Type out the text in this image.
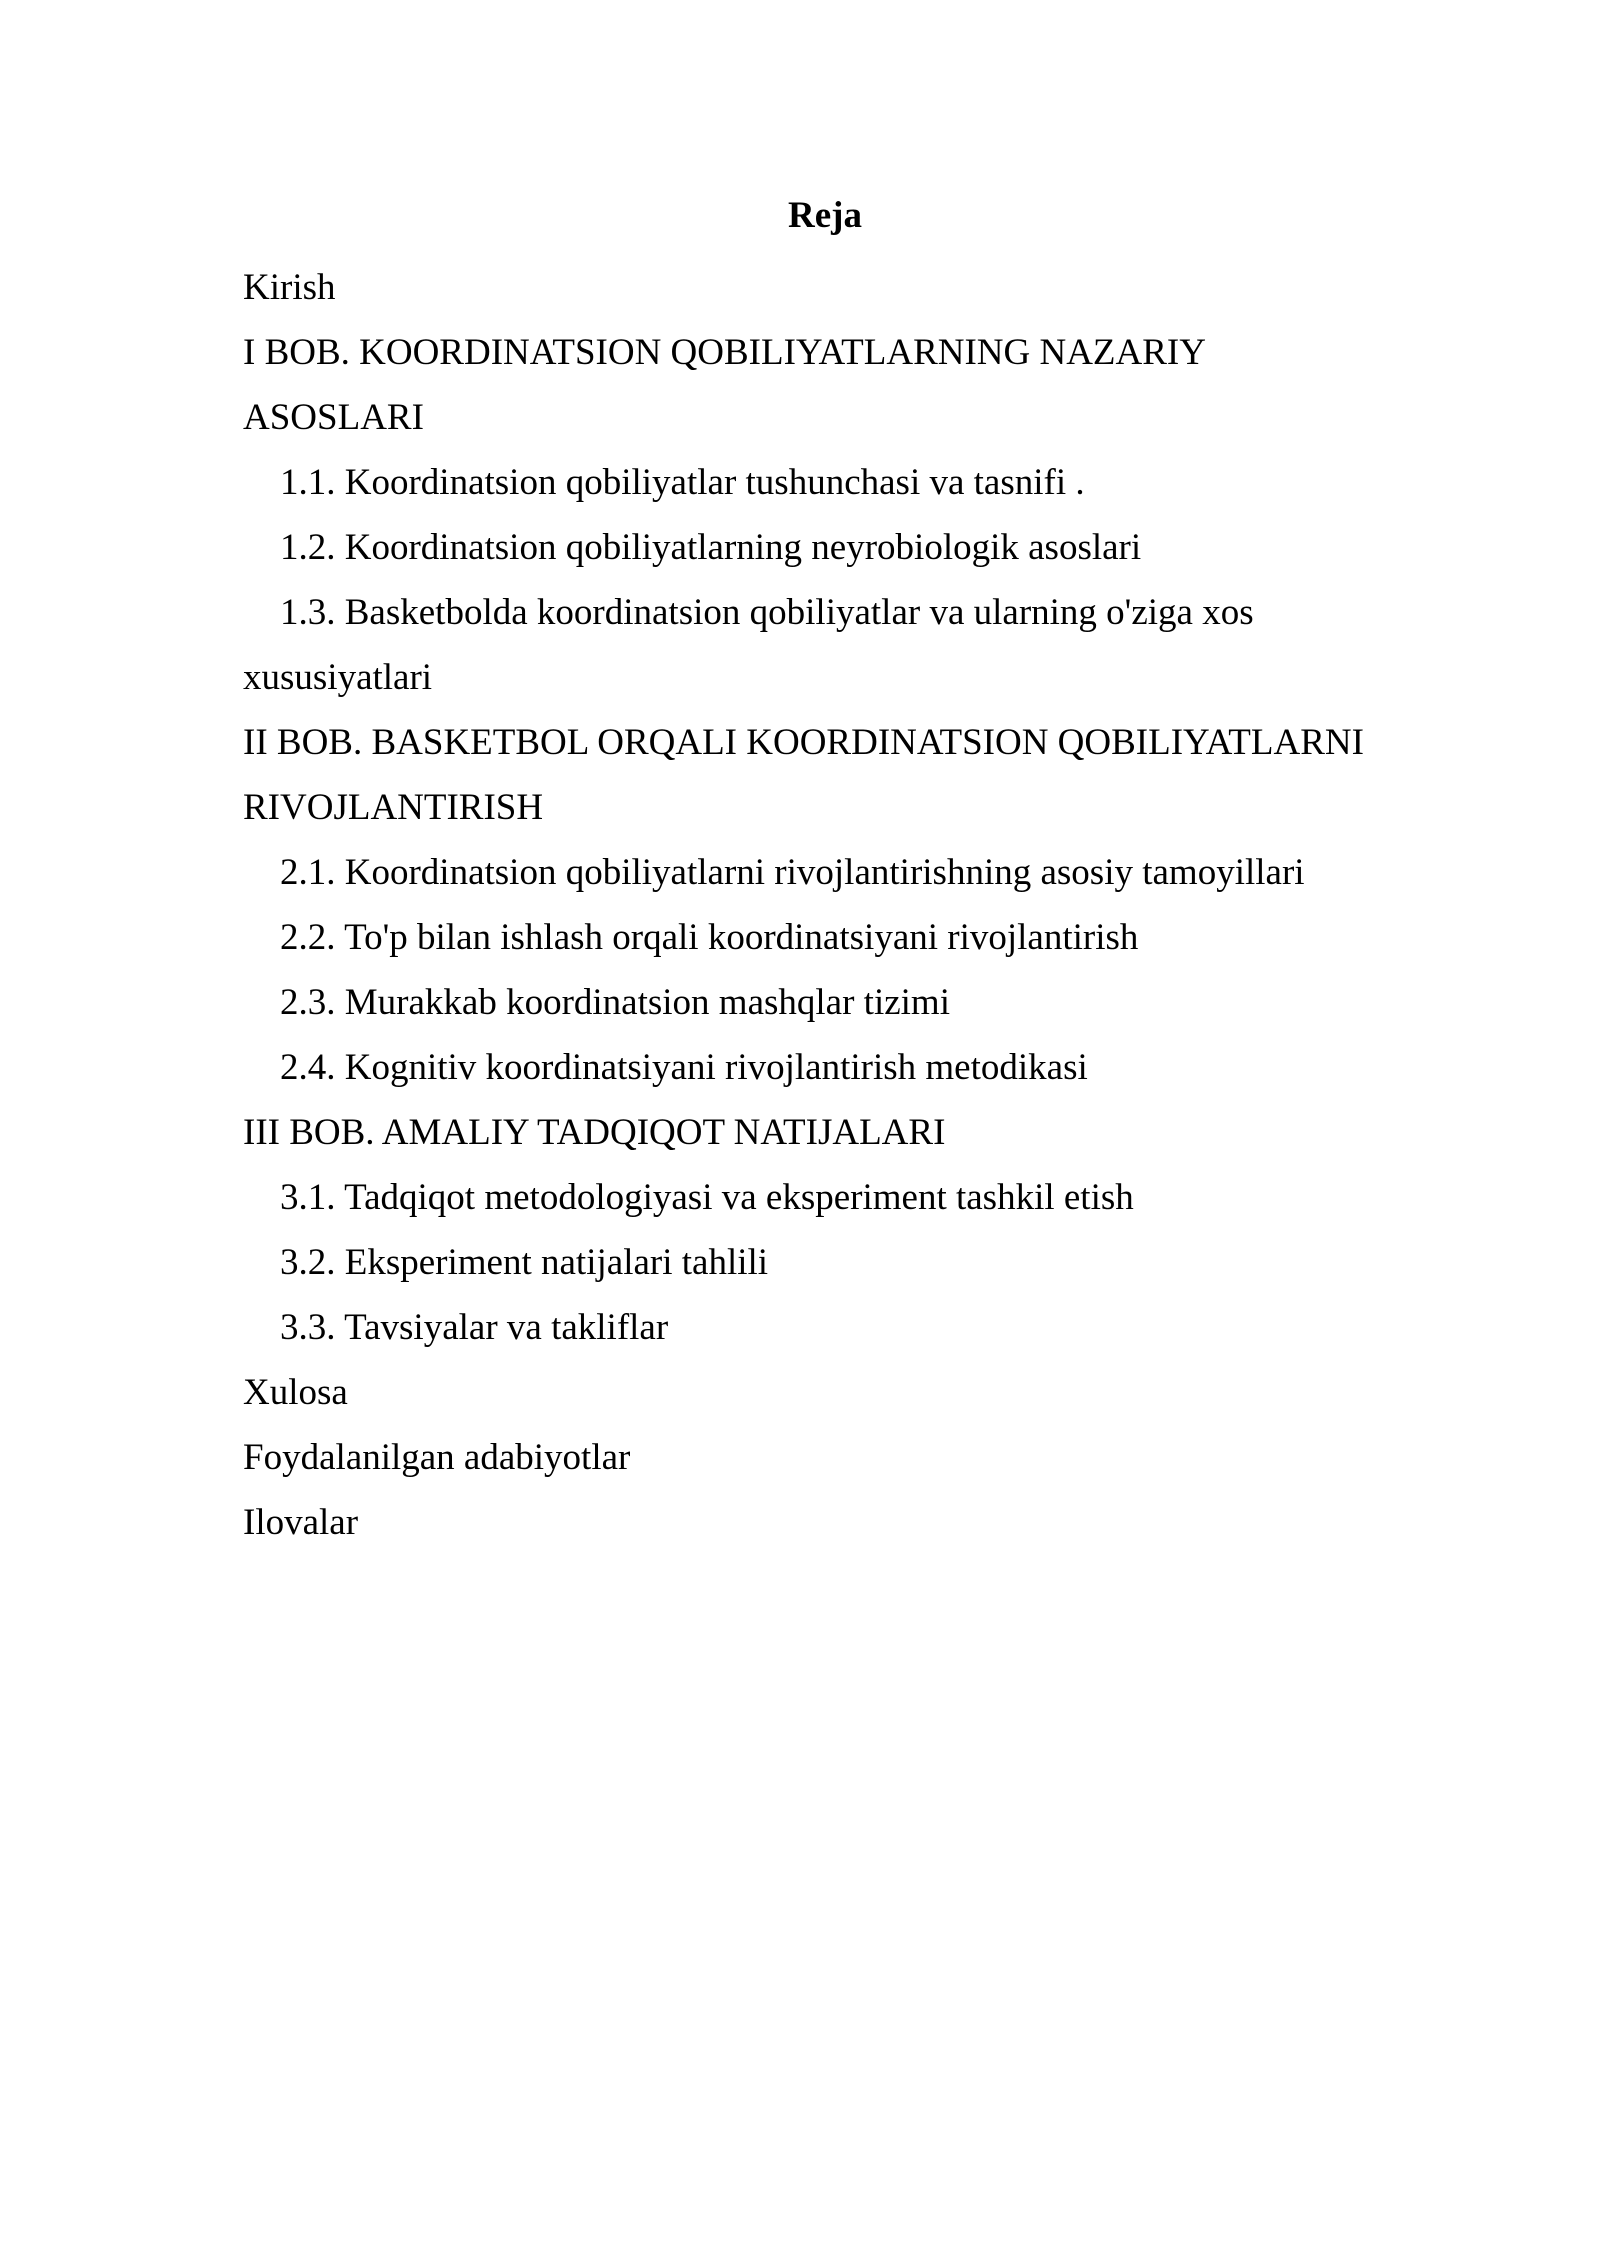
Reja
Kirish
I BOB. KOORDINATSION QOBILIYATLARNING NAZARIY
ASOSLARI
1.1. Koordinatsion qobiliyatlar tushunchasi va tasnifi .
1.2. Koordinatsion qobiliyatlarning neyrobiologik asoslari
1.3. Basketbolda koordinatsion qobiliyatlar va ularning o'ziga xos
xususiyatlari
II BOB. BASKETBOL ORQALI KOORDINATSION QOBILIYATLARNI
RIVOJLANTIRISH
2.1. Koordinatsion qobiliyatlarni rivojlantirishning asosiy tamoyillari
2.2. To'p bilan ishlash orqali koordinatsiyani rivojlantirish
2.3. Murakkab koordinatsion mashqlar tizimi
2.4. Kognitiv koordinatsiyani rivojlantirish metodikasi
III BOB. AMALIY TADQIQOT NATIJALARI
3.1. Tadqiqot metodologiyasi va eksperiment tashkil etish
3.2. Eksperiment natijalari tahlili
3.3. Tavsiyalar va takliflar
Xulosa
Foydalanilgan adabiyotlar
Ilovalar
